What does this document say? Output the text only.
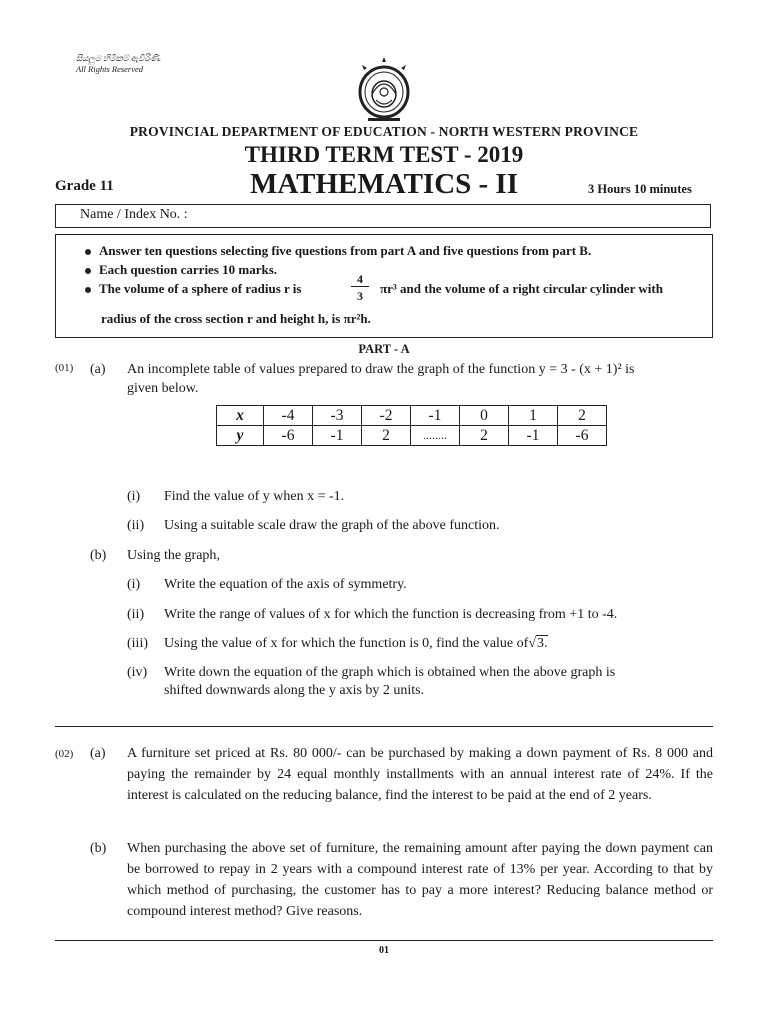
සියලුම හිමිකම් ඇවිරිණි.
All Rights Reserved
PROVINCIAL DEPARTMENT OF EDUCATION - NORTH WESTERN PROVINCE
THIRD TERM TEST - 2019
Grade 11	MATHEMATICS - II	3 Hours 10 minutes
Name / Index No. :
Answer ten questions selecting five questions from part A and five questions from part B.
Each question carries 10 marks.
The volume of a sphere of radius r is
4
3	πr³ and the volume of a right circular cylinder with
radius of the cross section r and height h, is πr²h.
PART - A
(01) (a) An incomplete table of values prepared to draw the graph of the function y = 3 - (x + 1)² is
given below.
x	-4	-3	-2	-1	0	1	2
y	-6	-1	2	........	2	-1	-6
(i) Find the value of y when x = -1.
(ii) Using a suitable scale draw the graph of the above function.
(b) Using the graph,
(i) Write the equation of the axis of symmetry.
(ii) Write the range of values of x for which the function is decreasing from +1 to -4.
(iii) Using the value of x for which the function is 0, find the value of√3.
(iv) Write down the equation of the graph which is obtained when the above graph is
shifted downwards along the y axis by 2 units.
(02) (a) A furniture set priced at Rs. 80 000/- can be purchased by making a down payment of Rs. 8 000 and paying the remainder by 24 equal monthly installments with an annual interest rate of 24%. If the interest is calculated on the reducing balance, find the interest to be paid at the end of 2 years.
(b) When purchasing the above set of furniture, the remaining amount after paying the down payment can be borrowed to repay in 2 years with a compound interest rate of 13% per year. According to that by which method of purchasing, the customer has to pay a more interest? Reducing balance method or compound interest method? Give reasons.
01
